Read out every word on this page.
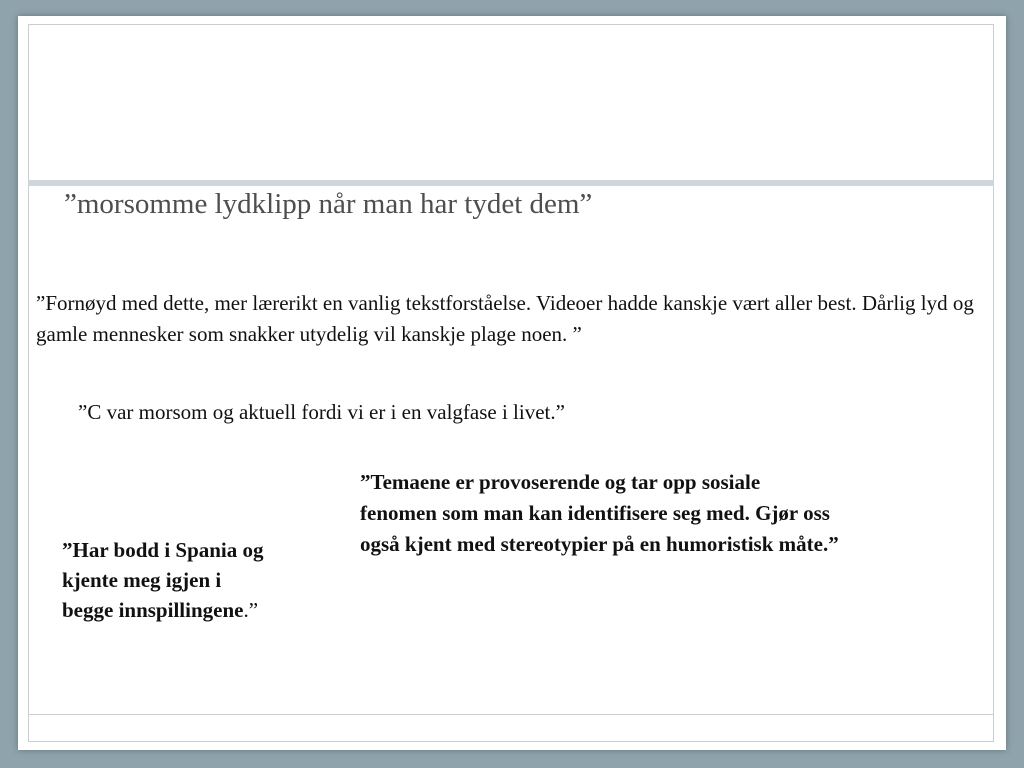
”morsomme lydklipp når man har tydet dem”
”Fornøyd med dette, mer lærerikt en vanlig tekstforståelse. Videoer hadde kanskje vært aller best. Dårlig lyd og gamle mennesker som snakker utydelig vil kanskje plage noen. ”
”C var morsom og aktuell fordi vi er i en valgfase i livet.”
”Temaene er provoserende og tar opp sosiale fenomen som man kan identifisere seg med. Gjør oss også kjent med stereotypier på en humoristisk måte.”
”Har bodd i Spania og kjente meg igjen i begge innspillingene.”
